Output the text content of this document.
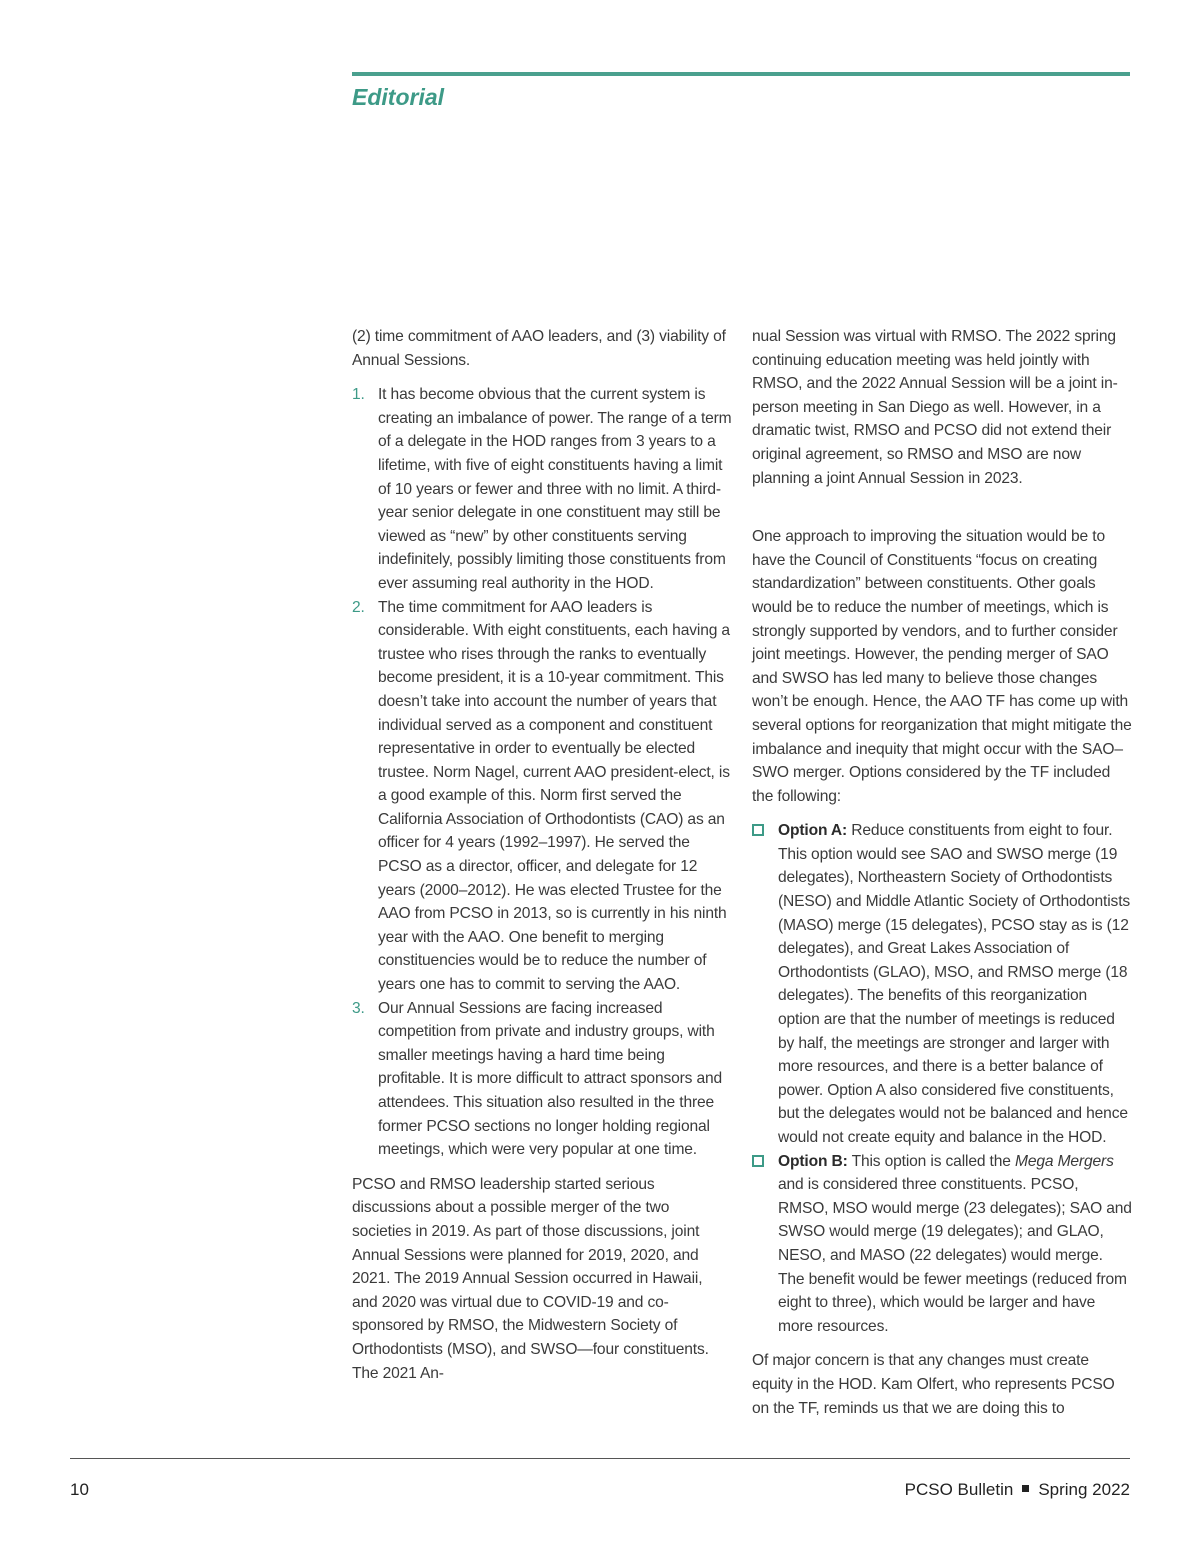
Editorial

(2) time commitment of AAO leaders, and (3) viability of Annual Sessions.

1. It has become obvious that the current system is creating an imbalance of power. The range of a term of a delegate in the HOD ranges from 3 years to a lifetime, with five of eight constituents having a limit of 10 years or fewer and three with no limit. A third-year senior delegate in one constituent may still be viewed as “new” by other constituents serving indefinitely, possibly limiting those constituents from ever assuming real authority in the HOD.
2. The time commitment for AAO leaders is considerable. With eight constituents, each having a trustee who rises through the ranks to eventually become president, it is a 10-year commitment. This doesn’t take into account the number of years that individual served as a component and constituent representative in order to eventually be elected trustee. Norm Nagel, current AAO president-elect, is a good example of this. Norm first served the California Association of Orthodontists (CAO) as an officer for 4 years (1992–1997). He served the PCSO as a director, officer, and delegate for 12 years (2000–2012). He was elected Trustee for the AAO from PCSO in 2013, so is currently in his ninth year with the AAO. One benefit to merging constituencies would be to reduce the number of years one has to commit to serving the AAO.
3. Our Annual Sessions are facing increased competition from private and industry groups, with smaller meetings having a hard time being profitable. It is more difficult to attract sponsors and attendees. This situation also resulted in the three former PCSO sections no longer holding regional meetings, which were very popular at one time.

PCSO and RMSO leadership started serious discussions about a possible merger of the two societies in 2019. As part of those discussions, joint Annual Sessions were planned for 2019, 2020, and 2021. The 2019 Annual Session occurred in Hawaii, and 2020 was virtual due to COVID-19 and co-sponsored by RMSO, the Midwestern Society of Orthodontists (MSO), and SWSO—four constituents. The 2021 An-

nual Session was virtual with RMSO. The 2022 spring continuing education meeting was held jointly with RMSO, and the 2022 Annual Session will be a joint in-person meeting in San Diego as well. However, in a dramatic twist, RMSO and PCSO did not extend their original agreement, so RMSO and MSO are now planning a joint Annual Session in 2023.

One approach to improving the situation would be to have the Council of Constituents “focus on creating standardization” between constituents. Other goals would be to reduce the number of meetings, which is strongly supported by vendors, and to further consider joint meetings. However, the pending merger of SAO and SWSO has led many to believe those changes won’t be enough. Hence, the AAO TF has come up with several options for reorganization that might mitigate the imbalance and inequity that might occur with the SAO–SWO merger. Options considered by the TF included the following:

Option A: Reduce constituents from eight to four. This option would see SAO and SWSO merge (19 delegates), Northeastern Society of Orthodontists (NESO) and Middle Atlantic Society of Orthodontists (MASO) merge (15 delegates), PCSO stay as is (12 delegates), and Great Lakes Association of Orthodontists (GLAO), MSO, and RMSO merge (18 delegates). The benefits of this reorganization option are that the number of meetings is reduced by half, the meetings are stronger and larger with more resources, and there is a better balance of power. Option A also considered five constituents, but the delegates would not be balanced and hence would not create equity and balance in the HOD.
Option B: This option is called the Mega Mergers and is considered three constituents. PCSO, RMSO, MSO would merge (23 delegates); SAO and SWSO would merge (19 delegates); and GLAO, NESO, and MASO (22 delegates) would merge. The benefit would be fewer meetings (reduced from eight to three), which would be larger and have more resources.

Of major concern is that any changes must create equity in the HOD. Kam Olfert, who represents PCSO on the TF, reminds us that we are doing this to

10	PCSO Bulletin Spring 2022
